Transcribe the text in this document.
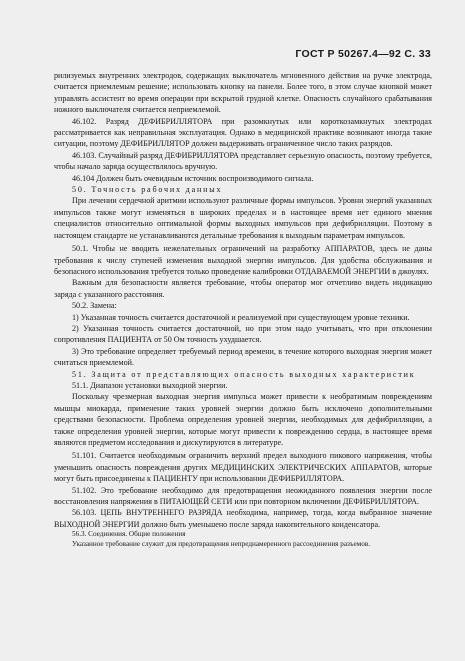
ГОСТ Р 50267.4—92 С. 33

рилизуемых внутренних электродов, содержащих выключатель мгновенного действия на ручке электрода, считается приемлемым решение; использовать кнопку на панели. Более того, в этом случае кнопкой может управлять ассистент во время операции при вскрытой грудной клетке. Опасность случайного срабатывания ножного выключателя считается неприемлемой.

46.102. Разряд ДЕФИБРИЛЛЯТОРА при разомкнутых или короткозамкнутых электродах рассматривается как неправильная эксплуатация. Однако в медицинской практике возникают иногда такие ситуации, поэтому ДЕФИБРИЛЛЯТОР должен выдерживать ограниченное число таких разрядов.

46.103. Случайный разряд ДЕФИБРИЛЛЯТОРА представляет серьезную опасность, поэтому требуется, чтобы начало заряда осуществлялось вручную.

46.104 Должен быть очевидным источник воспроизводимого сигнала.

50. Точность рабочих данных

При лечении сердечной аритмии используют различные формы импульсов. Уровни энергий указанных импульсов также могут изменяться в широких пределах и в настоящее время нет единого мнения специалистов относительно оптимальной формы выходных импульсов при дефибрилляции. Поэтому в настоящем стандарте не устанавливаются детальные требования к выходным параметрам импульсов.

50.1. Чтобы не вводить нежелательных ограничений на разработку АППАРАТОВ, здесь не даны требования к числу ступеней изменения выходной энергии импульсов. Для удобства обслуживания и безопасного использования требуется только проведение калибровки ОТДАВАЕМОЙ ЭНЕРГИИ в джоулях.

Важным для безопасности является требование, чтобы оператор мог отчетливо видеть индикацию заряда с указанного расстояния.

50.2. Замена:

1) Указанная точность считается достаточной и реализуемой при существующем уровне техники.

2) Указанная точность считается достаточной, но при этом надо учитывать, что при отклонении сопротивления ПАЦИЕНТА от 50 Ом точность ухудшается.

3) Это требование определяет требуемый период времени, в течение которого выходная энергия может считаться приемлемой.

51. Защита от представляющих опасность выходных характеристик

51.1. Диапазон установки выходной энергии.

Поскольку чрезмерная выходная энергия импульса может привести к необратимым повреждениям мышцы миокарда, применение таких уровней энергии должно быть исключено дополнительными средствами безопасности. Проблема определения уровней энергии, необходимых для дефибрилляции, а также определения уровней энергии, которые могут привести к повреждению сердца, в настоящее время являются предметом исследования и дискутируются в литературе.

51.101. Считается необходимым ограничить верхний предел выходного пикового напряжения, чтобы уменьшить опасность повреждения других МЕДИЦИНСКИХ ЭЛЕКТРИЧЕСКИХ АППАРАТОВ, которые могут быть присоединены к ПАЦИЕНТУ при использовании ДЕФИБРИЛЛЯТОРА.

51.102. Это требование необходимо для предотвращения неожиданного появления энергии после восстановления напряжения в ПИТАЮЩЕЙ СЕТИ или при повторном включении ДЕФИБРИЛЛЯТОРА.

56.103. ЦЕПЬ ВНУТРЕННЕГО РАЗРЯДА необходима, например, тогда, когда выбранное значение ВЫХОДНОЙ ЭНЕРГИИ должно быть уменьшено после заряда накопительного конденсатора.

56.3. Соединения. Общие положения

Указанное требование служит для предотвращения непреднамеренного рассоединения разъемов.
